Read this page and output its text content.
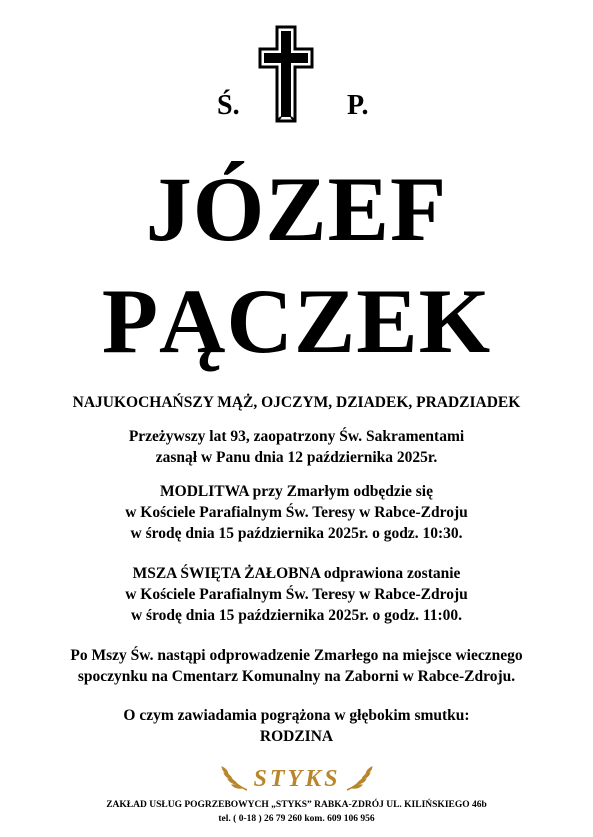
Ś.	P.
JÓZEF
PĄCZEK
NAJUKOCHAŃSZY MĄŻ, OJCZYM, DZIADEK, PRADZIADEK
Przeżywszy lat 93, zaopatrzony Św. Sakramentami
zasnął w Panu dnia 12 października 2025r.
MODLITWA przy Zmarłym odbędzie się
w Kościele Parafialnym Św. Teresy w Rabce-Zdroju
w środę dnia 15 października 2025r. o godz. 10:30.
MSZA ŚWIĘTA ŻAŁOBNA odprawiona zostanie
w Kościele Parafialnym Św. Teresy w Rabce-Zdroju
w środę dnia 15 października 2025r. o godz. 11:00.
Po Mszy Św. nastąpi odprowadzenie Zmarłego na miejsce wiecznego
spoczynku na Cmentarz Komunalny na Zaborni w Rabce-Zdroju.
O czym zawiadamia pogrążona w głębokim smutku:
RODZINA
STYKS
ZAKŁAD USŁUG POGRZEBOWYCH „STYKS” RABKA-ZDRÓJ UL. KILIŃSKIEGO 46b
tel. ( 0-18 ) 26 79 260 kom. 609 106 956
